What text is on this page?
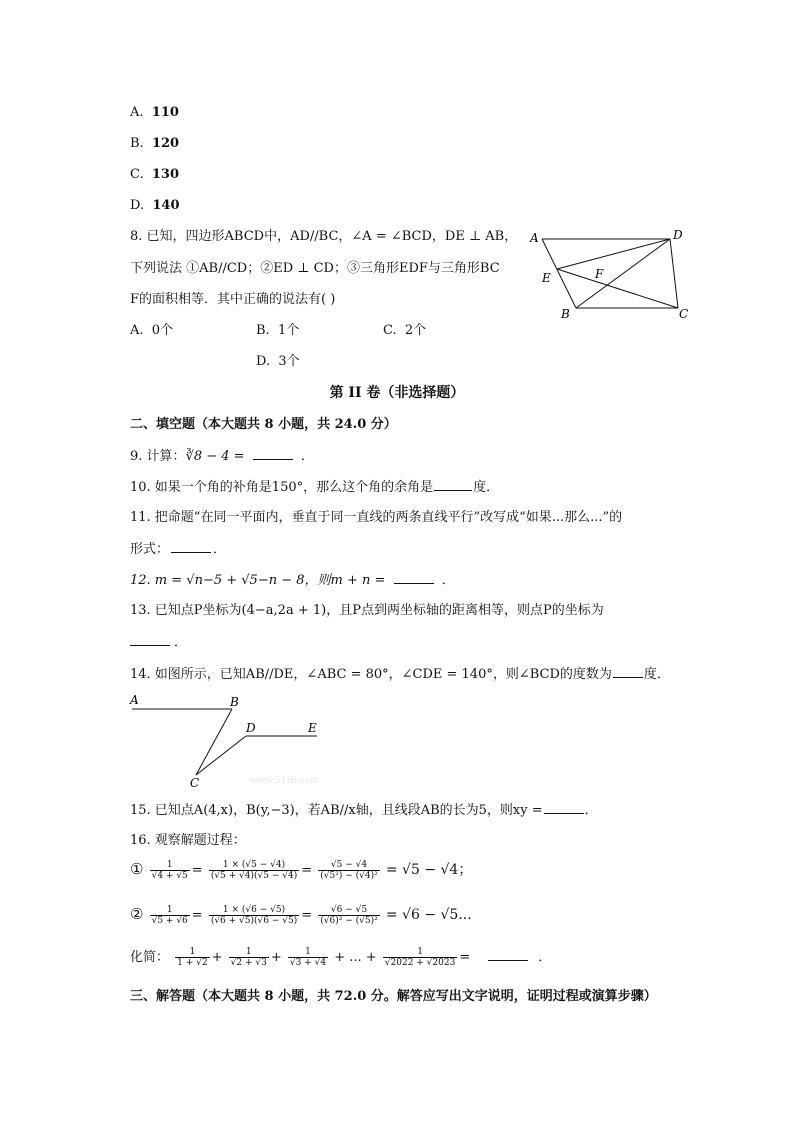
A. 110
B. 120
C. 130
D. 140
8. 已知，四边形ABCD中，AD//BC，∠A = ∠BCD，DE ⊥ AB，
下列说法 ①AB//CD；②ED ⊥ CD；③三角形EDF与三角形BC
F的面积相等．其中正确的说法有( )
A. 0个	B. 1个	C. 2个
D. 3个
A	D
E	F
B	C
第 II 卷（非选择题）
二、填空题（本大题共 8 小题，共 24.0 分）
9. 计算：∛8 − 4 =	．
10. 如果一个角的补角是150°，那么这个角的余角是	度．
11. 把命题“在同一平面内，垂直于同一直线的两条直线平行”改写成“如果...那么...”的
形式：	．
12. m = √n−5 + √5−n − 8，则m + n =	．
13. 已知点P坐标为(4−a,2a + 1)，且P点到两坐标轴的距离相等，则点P的坐标为
．
14. 如图所示，已知AB//DE，∠ABC = 80°，∠CDE = 140°，则∠BCD的度数为 度．
A	B
C
D	E
www.51zb.com
15. 已知点A(4,x)，B(y,−3)，若AB//x轴，且线段AB的长为5，则xy =	．
16. 观察解题过程：
① $\frac{1}{√4 + √5} = \frac{1 \times (√5 - √4)}{(√5 + √4)(√5 - √4)} = \frac{√5 - √4}{\text{(√5²) − (√4)²}} = √5 - √4$；
② $\frac{1}{√5 + √6} = \frac{1 \times (√6 - √5)}{(√6 + √5)(√6 - √5)} = \frac{√6 - √5}{\text{(√6)² − (√5)²}} = √6 - √5$...
化简： $\frac{1}{1 + √2} + \frac{1}{√2 + √3} + \frac{1}{√3 + √4}$ + ... + $\frac{1}{√2022 + √2023}$ =	．
三、解答题（本大题共 8 小题，共 72.0 分。解答应写出文字说明，证明过程或演算步骤）
